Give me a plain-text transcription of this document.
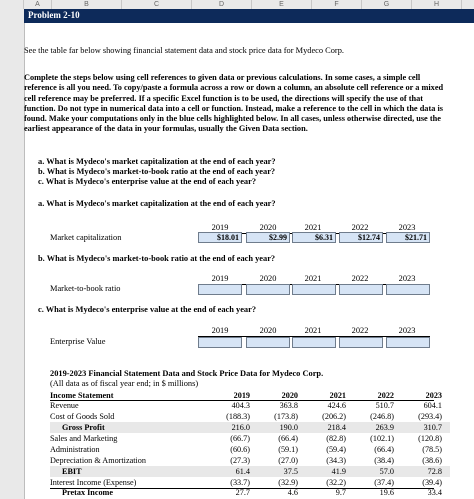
A	B	C	D	E	F	G	H
Problem 2-10
See the table far below showing financial statement data and stock price data for Mydeco Corp.
Complete the steps below using cell references to given data or previous calculations. In some cases, a simple cell reference is all you need. To copy/paste a formula across a row or down a column, an absolute cell reference or a mixed cell reference may be preferred. If a specific Excel function is to be used, the directions will specify the use of that function. Do not type in numerical data into a cell or function. Instead, make a reference to the cell in which the data is found. Make your computations only in the blue cells highlighted below. In all cases, unless otherwise directed, use the earliest appearance of the data in your formulas, usually the Given Data section.
a. What is Mydeco's market capitalization at the end of each year?
b. What is Mydeco's market-to-book ratio at the end of each year?
c. What is Mydeco's enterprise value at the end of each year?
a. What is Mydeco's market capitalization at the end of each year?
2019	2020	2021	2022	2023
Market capitalization	$18.01	$2.99	$6.31	$12.74	$21.71
b. What is Mydeco's market-to-book ratio at the end of each year?
2019	2020	2021	2022	2023
Market-to-book ratio
c. What is Mydeco's enterprise value at the end of each year?
2019	2020	2021	2022	2023
Enterprise Value
2019-2023 Financial Statement Data and Stock Price Data for Mydeco Corp.
(All data as of fiscal year end; in $ millions)
Income Statement	2019	2020	2021	2022	2023
Revenue	404.3	363.8	424.6	510.7	604.1
Cost of Goods Sold	(188.3)	(173.8)	(206.2)	(246.8)	(293.4)
Gross Profit	216.0	190.0	218.4	263.9	310.7
Sales and Marketing	(66.7)	(66.4)	(82.8)	(102.1)	(120.8)
Administration	(60.6)	(59.1)	(59.4)	(66.4)	(78.5)
Depreciation & Amortization	(27.3)	(27.0)	(34.3)	(38.4)	(38.6)
EBIT	61.4	37.5	41.9	57.0	72.8
Interest Income (Expense)	(33.7)	(32.9)	(32.2)	(37.4)	(39.4)
Pretax Income	27.7	4.6	9.7	19.6	33.4
